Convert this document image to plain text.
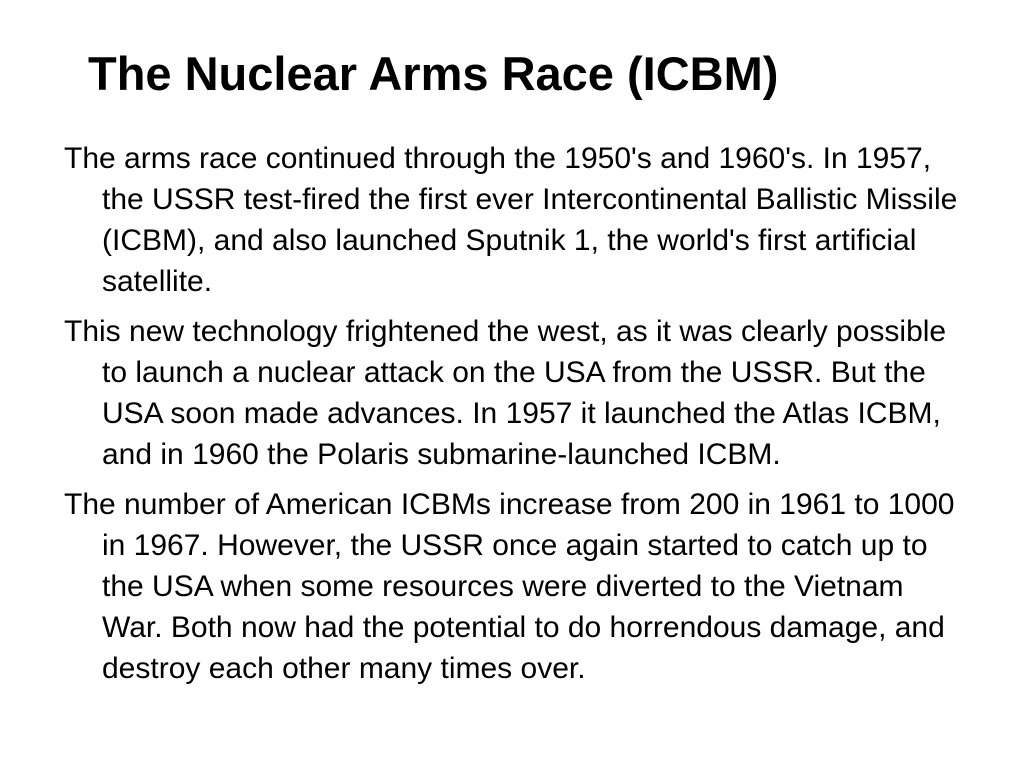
The Nuclear Arms Race (ICBM)

The arms race continued through the 1950's and 1960's. In 1957, the USSR test-fired the first ever Intercontinental Ballistic Missile (ICBM), and also launched Sputnik 1, the world's first artificial satellite.

This new technology frightened the west, as it was clearly possible to launch a nuclear attack on the USA from the USSR. But the USA soon made advances. In 1957 it launched the Atlas ICBM, and in 1960 the Polaris submarine-launched ICBM.

The number of American ICBMs increase from 200 in 1961 to 1000 in 1967. However, the USSR once again started to catch up to the USA when some resources were diverted to the Vietnam War. Both now had the potential to do horrendous damage, and destroy each other many times over.
